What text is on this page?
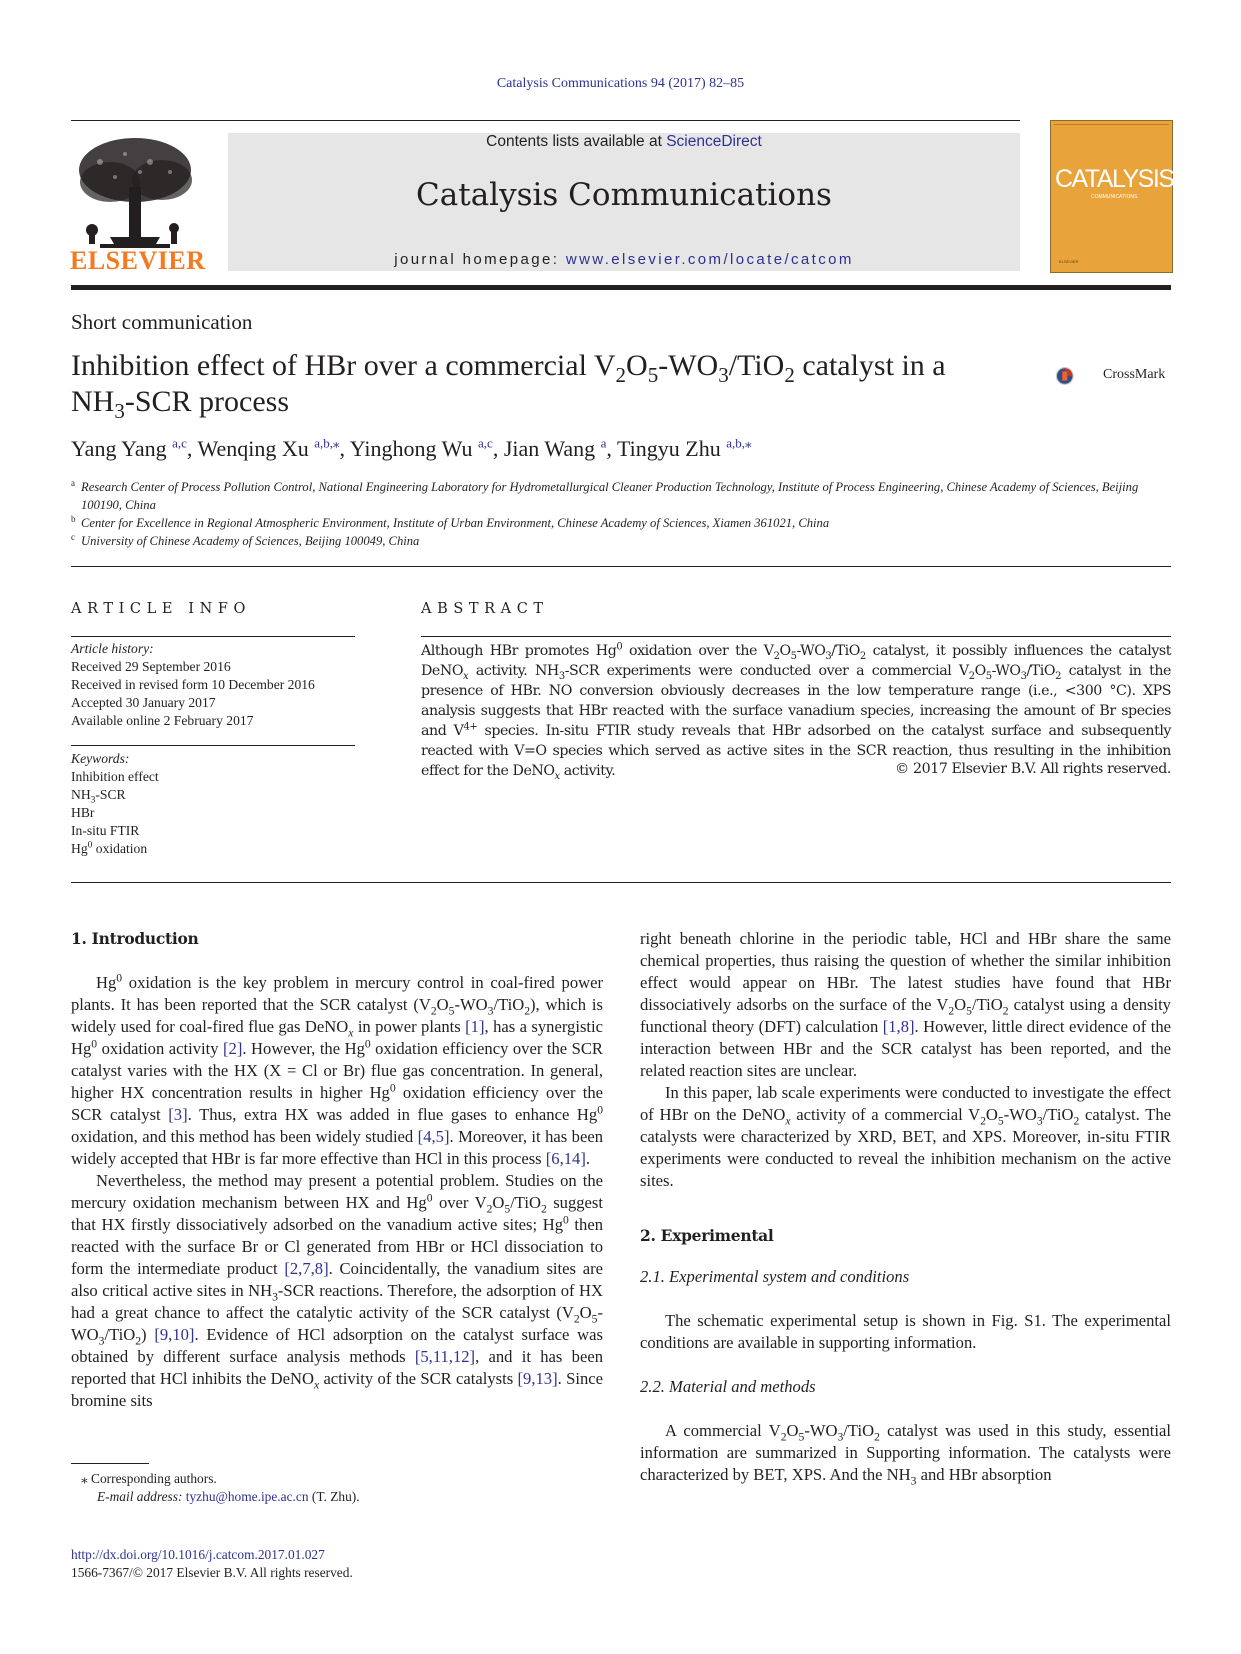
Catalysis Communications 94 (2017) 82–85
ELSEVIER
Contents lists available at ScienceDirect
Catalysis Communications
journal homepage: www.elsevier.com/locate/catcom
CATALYSIS
COMMUNICATIONS
ELSEVIER
Short communication
Inhibition effect of HBr over a commercial $V_2O_5-WO_3/TiO_2$ catalyst in a $NH_3$-SCR process
CrossMark
Yang Yang $^{a,c}$, Wenqing Xu $^{a,b,⁎}$, Yinghong Wu $^{a,c}$, Jian Wang $^a$, Tingyu Zhu $^{a,b,⁎}$
a Research Center of Process Pollution Control, National Engineering Laboratory for Hydrometallurgical Cleaner Production Technology, Institute of Process Engineering, Chinese Academy of Sciences, Beijing 100190, China
b Center for Excellence in Regional Atmospheric Environment, Institute of Urban Environment, Chinese Academy of Sciences, Xiamen 361021, China
c University of Chinese Academy of Sciences, Beijing 100049, China
ARTICLE INFO	ABSTRACT
Article history:
Received 29 September 2016
Received in revised form 10 December 2016
Accepted 30 January 2017
Available online 2 February 2017
Keywords:
Inhibition effect
$NH_3$-SCR
HBr
In-situ FTIR
Hg$^0$ oxidation
Although HBr promotes Hg$^0$ oxidation over the $V_2O_5-WO_3/TiO_2$ catalyst, it possibly influences the catalyst DeNO$_x$ activity. $NH_3$-SCR experiments were conducted over a commercial $V_2O_5-WO_3/TiO_2$ catalyst in the presence of HBr. NO conversion obviously decreases in the low temperature range (i.e., <300 °C). XPS analysis suggests that HBr reacted with the surface vanadium species, increasing the amount of Br species and $V^{4+}$ species. In-situ FTIR study reveals that HBr adsorbed on the catalyst surface and subsequently reacted with V=O species which served as active sites in the SCR reaction, thus resulting in the inhibition effect for the DeNO$_x$ activity.	© 2017 Elsevier B.V. All rights reserved.
1. Introduction

Hg$^0$ oxidation is the key problem in mercury control in coal-fired power plants. It has been reported that the SCR catalyst $(V_2O_5-WO_3/TiO_2)$, which is widely used for coal-fired flue gas DeNO$_x$ in power plants [1], has a synergistic Hg$^0$ oxidation activity [2]. However, the Hg$^0$ oxidation efficiency over the SCR catalyst varies with the HX (X = Cl or Br) flue gas concentration. In general, higher HX concentration results in higher Hg$^0$ oxidation efficiency over the SCR catalyst [3]. Thus, extra HX was added in flue gases to enhance Hg$^0$ oxidation, and this method has been widely studied [4,5]. Moreover, it has been widely accepted that HBr is far more effective than HCl in this process [6,14].

Nevertheless, the method may present a potential problem. Studies on the mercury oxidation mechanism between HX and Hg$^0$ over $V_2O_5/TiO_2$ suggest that HX firstly dissociatively adsorbed on the vanadium active sites; Hg$^0$ then reacted with the surface Br or Cl generated from HBr or HCl dissociation to form the intermediate product [2,7,8]. Coincidentally, the vanadium sites are also critical active sites in $NH_3$-SCR reactions. Therefore, the adsorption of HX had a great chance to affect the catalytic activity of the SCR catalyst $(V_2O_5-WO_3/TiO_2)$ [9,10]. Evidence of HCl adsorption on the catalyst surface was obtained by different surface analysis methods [5,11,12], and it has been reported that HCl inhibits the DeNO$_x$ activity of the SCR catalysts [9,13]. Since bromine sits

right beneath chlorine in the periodic table, HCl and HBr share the same chemical properties, thus raising the question of whether the similar inhibition effect would appear on HBr. The latest studies have found that HBr dissociatively adsorbs on the surface of the $V_2O_5/TiO_2$ catalyst using a density functional theory (DFT) calculation [1,8]. However, little direct evidence of the interaction between HBr and the SCR catalyst has been reported, and the related reaction sites are unclear.

In this paper, lab scale experiments were conducted to investigate the effect of HBr on the DeNO$_x$ activity of a commercial $V_2O_5-WO_3/TiO_2$ catalyst. The catalysts were characterized by XRD, BET, and XPS. Moreover, in-situ FTIR experiments were conducted to reveal the inhibition mechanism on the active sites.

2. Experimental
2.1. Experimental system and conditions

The schematic experimental setup is shown in Fig. S1. The experimental conditions are available in supporting information.

2.2. Material and methods

A commercial $V_2O_5-WO_3/TiO_2$ catalyst was used in this study, essential information are summarized in Supporting information. The catalysts were characterized by BET, XPS. And the $NH_3$ and HBr absorption

⁎ Corresponding authors.
E-mail address: tyzhu@home.ipe.ac.cn (T. Zhu).
http://dx.doi.org/10.1016/j.catcom.2017.01.027
1566-7367/© 2017 Elsevier B.V. All rights reserved.
